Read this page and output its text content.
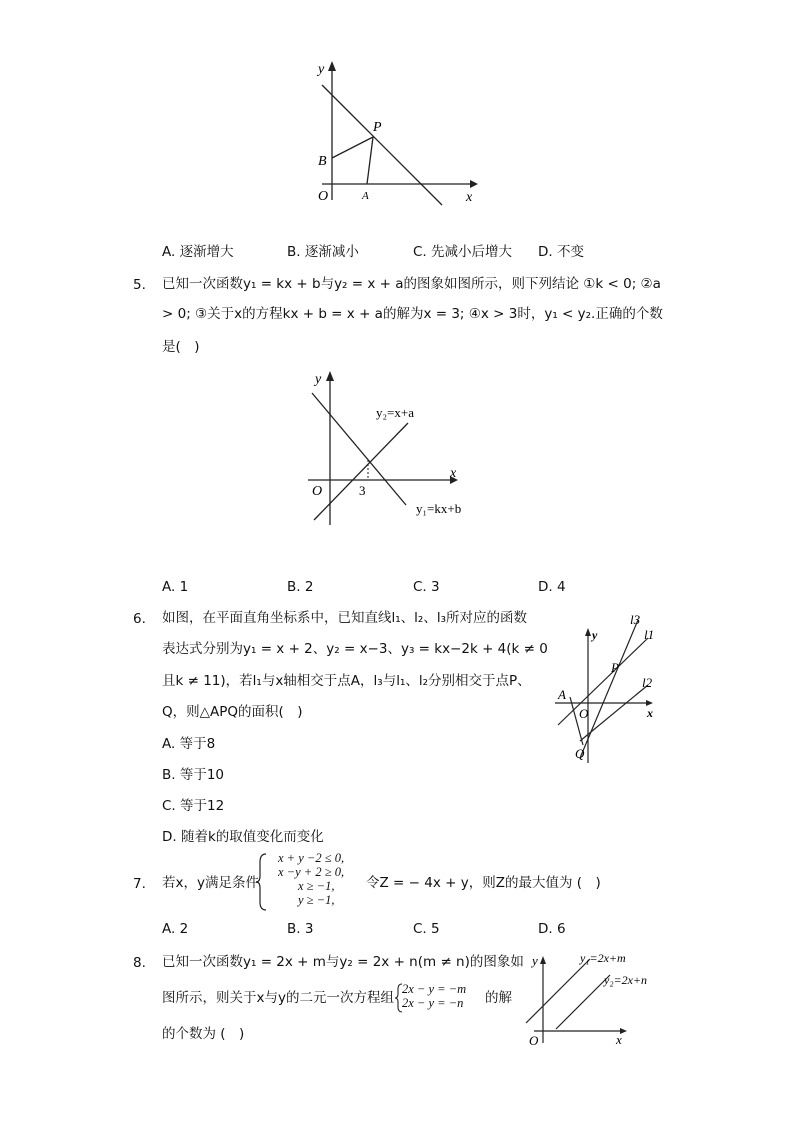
y
x
O	A
B
P
A. 逐渐增大	B. 逐渐减小	C. 先减小后增大 D. 不变
5. 已知一次函数y₁ = kx + b与y₂ = x + a的图象如图所示，则下列结论 ①k < 0; ②a
> 0; ③关于x的方程kx + b = x + a的解为x = 3; ④x > 3时，y₁ < y₂.正确的个数
是(　)
y
x
O	3
y₂=x+a
y₁=kx+b
A. 1	B. 2	C. 3	D. 4
6. 如图，在平面直角坐标系中，已知直线l₁、l₂、l₃所对应的函数
表达式分别为y₁ = x + 2、y₂ = x−3、y₃ = kx−2k + 4(k ≠ 0
且k ≠ 11)，若l₁与x轴相交于点A，l₃与l₁、l₂分别相交于点P、
Q，则△APQ的面积(　)
A. 等于8
B. 等于10
C. 等于12
D. 随着k的取值变化而变化
l3
l1
l2
y
x
P
A
O
Q
7. 若x，y满足条件
x + y −2 ≤ 0,
x −y + 2 ≥ 0,
x ≥ −1,
y ≥ −1,
令Z = − 4x + y，则Z的最大值为 (　)
A. 2	B. 3	C. 5	D. 6
8. 已知一次函数y₁ = 2x + m与y₂ = 2x + n(m ≠ n)的图象如
图所示，则关于x与y的二元一次方程组
2x − y = −m
2x − y = −n 的解
的个数为 (　)
y
x
O
y₁=2x+m
y₂=2x+n
